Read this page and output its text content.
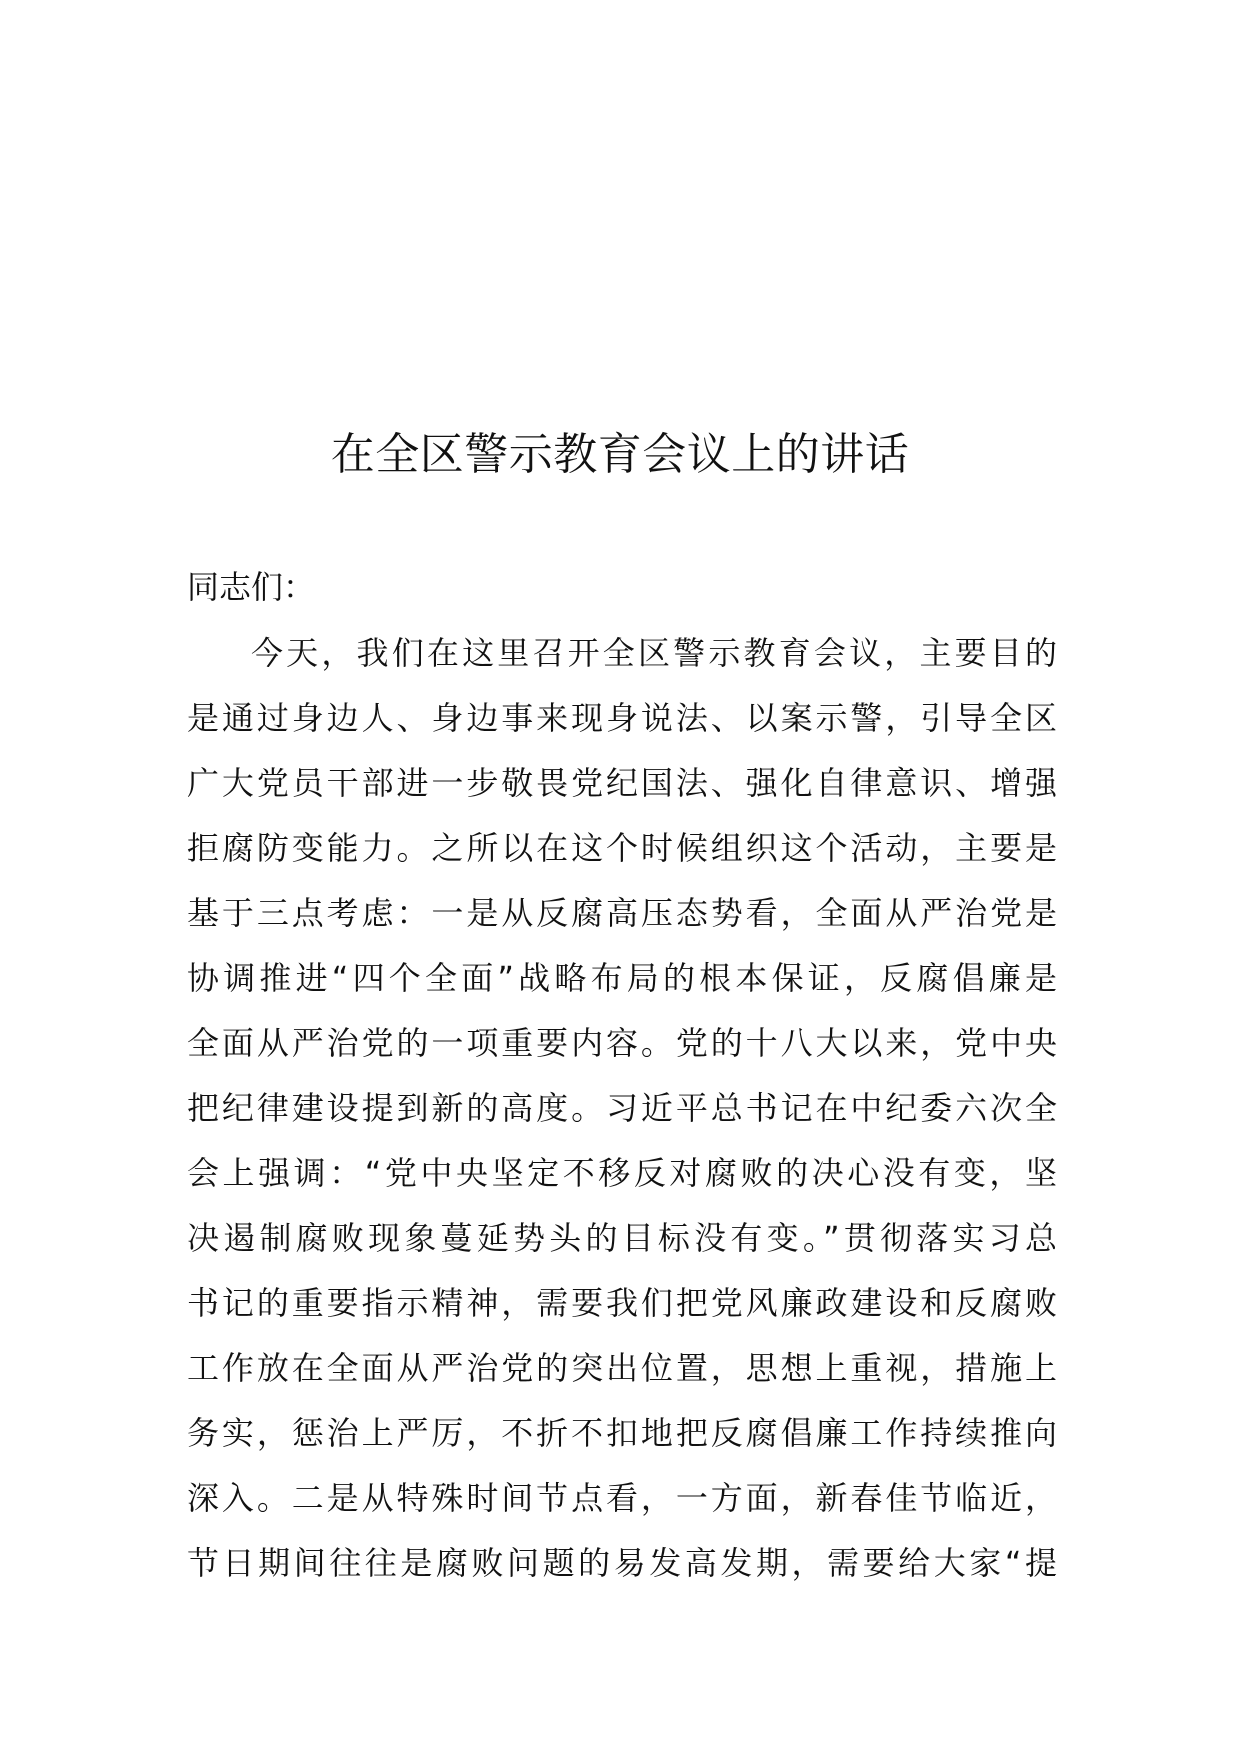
在全区警示教育会议上的讲话
同志们：
今天，我们在这里召开全区警示教育会议，主要目的
是通过身边人、身边事来现身说法、以案示警，引导全区
广大党员干部进一步敬畏党纪国法、强化自律意识、增强
拒腐防变能力。之所以在这个时候组织这个活动，主要是
基于三点考虑：一是从反腐高压态势看，全面从严治党是
协调推进“四个全面”战略布局的根本保证，反腐倡廉是
全面从严治党的一项重要内容。党的十八大以来，党中央
把纪律建设提到新的高度。习近平总书记在中纪委六次全
会上强调：“党中央坚定不移反对腐败的决心没有变，坚
决遏制腐败现象蔓延势头的目标没有变。”贯彻落实习总
书记的重要指示精神，需要我们把党风廉政建设和反腐败
工作放在全面从严治党的突出位置，思想上重视，措施上
务实，惩治上严厉，不折不扣地把反腐倡廉工作持续推向
深入。二是从特殊时间节点看，一方面，新春佳节临近，
节日期间往往是腐败问题的易发高发期，需要给大家“提
